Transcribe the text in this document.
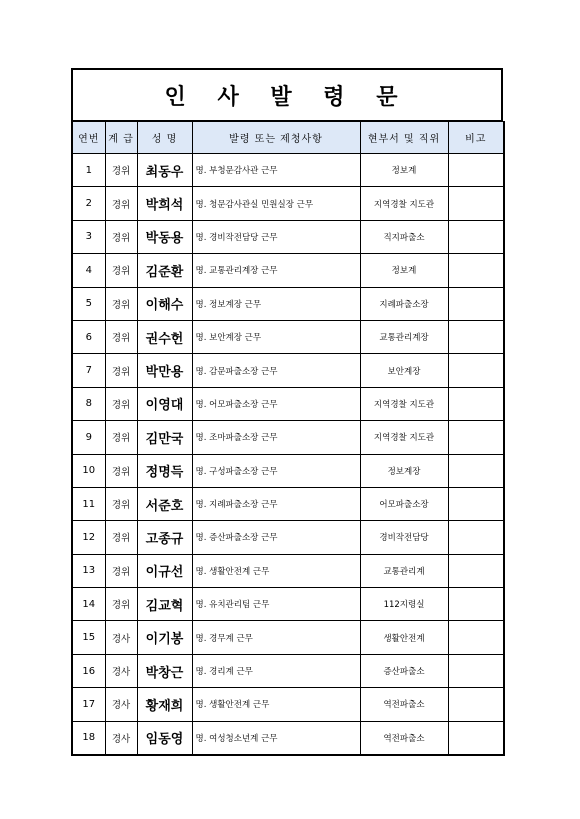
인 사 발 령 문
연번	계 급	성 명	발령 또는 제청사항	현부서 및 직위	비고
1	경위	최동우	명. 부청문감사관 근무	정보계	
2	경위	박희석	명. 청문감사관실 민원실장 근무	지역경찰 지도관	
3	경위	박동용	명. 경비작전담당 근무	직지파출소	
4	경위	김준환	명. 교통관리계장 근무	정보계	
5	경위	이해수	명. 정보계장 근무	지례파출소장	
6	경위	권수헌	명. 보안계장 근무	교통관리계장	
7	경위	박만용	명. 감문파출소장 근무	보안계장	
8	경위	이영대	명. 어모파출소장 근무	지역경찰 지도관	
9	경위	김만국	명. 조마파출소장 근무	지역경찰 지도관	
10	경위	정명득	명. 구성파출소장 근무	정보계장	
11	경위	서준호	명. 지례파출소장 근무	어모파출소장	
12	경위	고종규	명. 증산파출소장 근무	경비작전담당	
13	경위	이규선	명. 생활안전계 근무	교통관리계	
14	경위	김교혁	명. 유치관리팀 근무	112지령실	
15	경사	이기봉	명. 경무계 근무	생활안전계	
16	경사	박창근	명. 경리계 근무	증산파출소	
17	경사	황재희	명. 생활안전계 근무	역전파출소	
18	경사	임동영	명. 여성청소년계 근무	역전파출소	
